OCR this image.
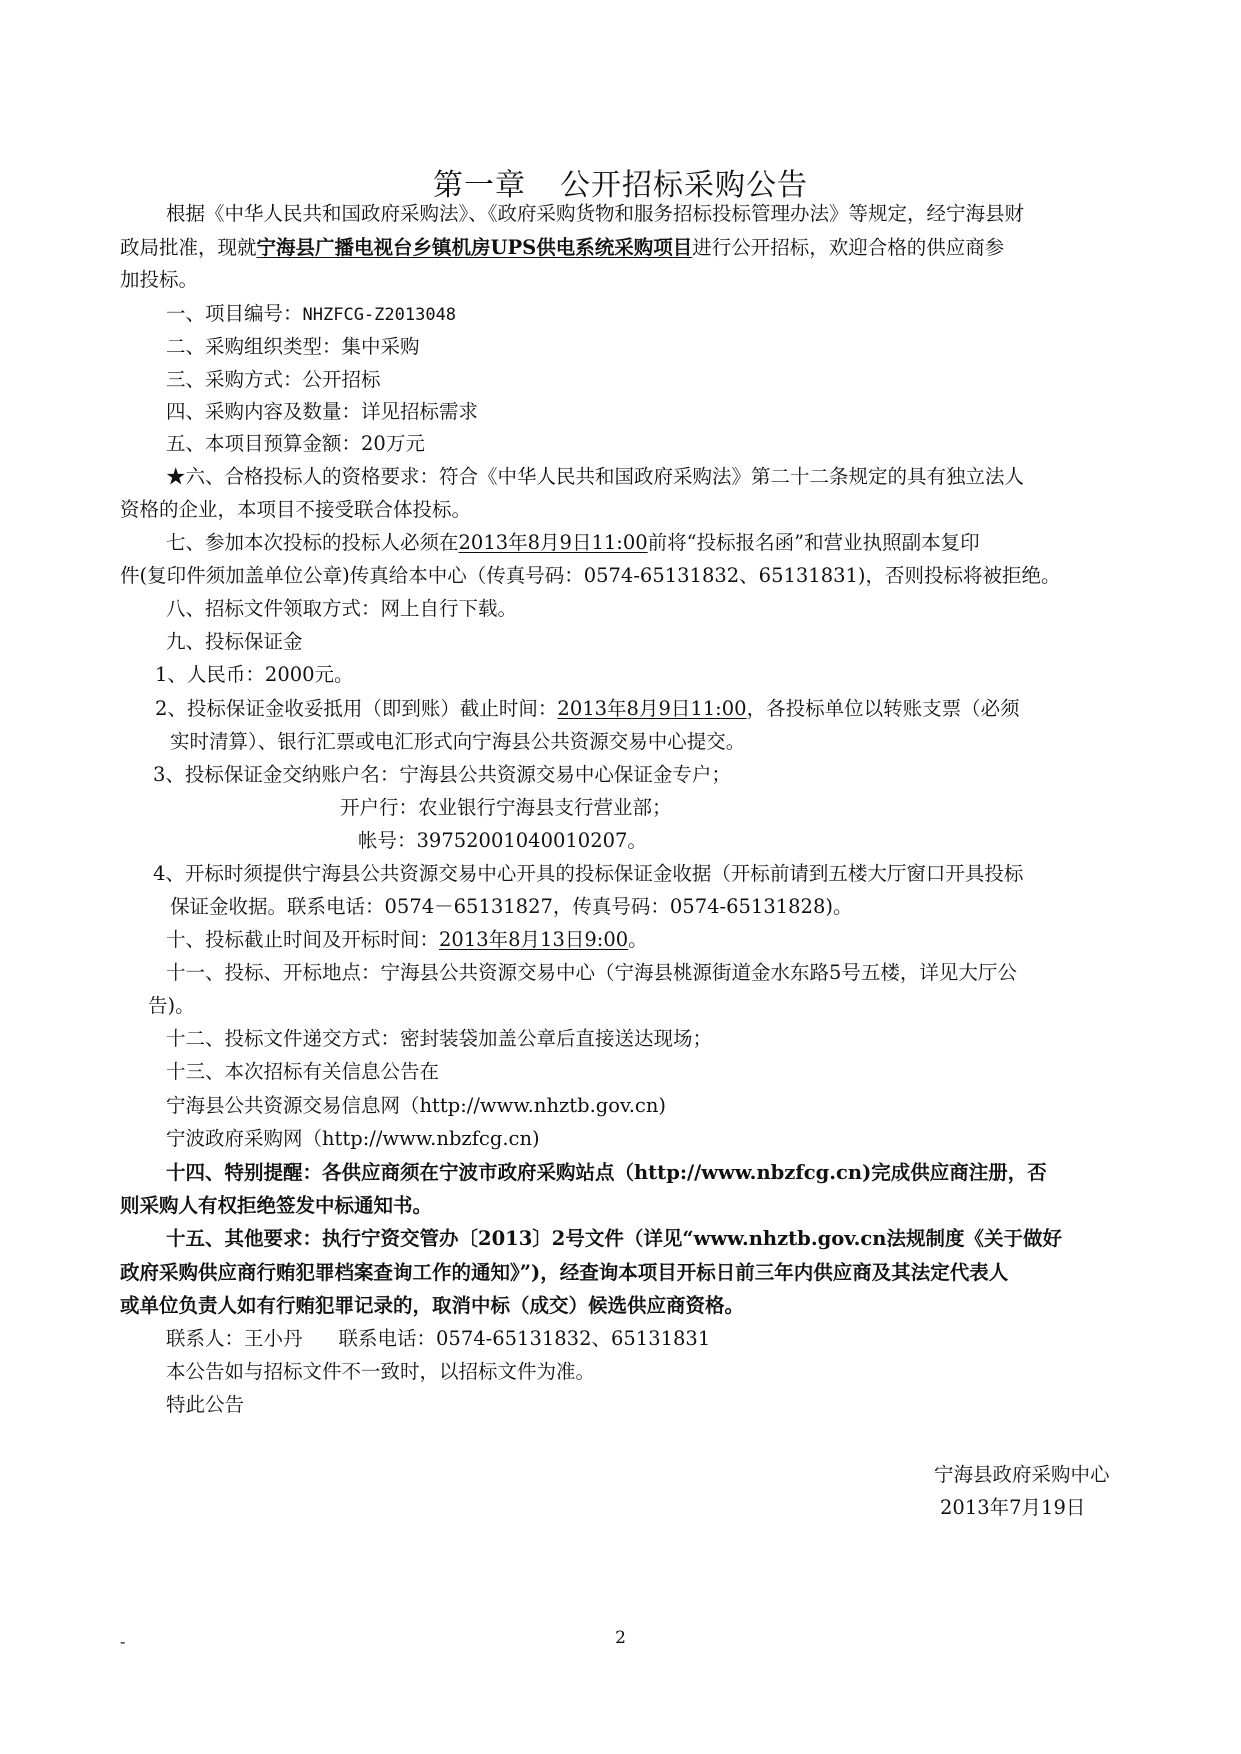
第一章 公开招标采购公告
根据《中华人民共和国政府采购法》、《政府采购货物和服务招标投标管理办法》等规定，经宁海县财
政局批准，现就宁海县广播电视台乡镇机房UPS供电系统采购项目进行公开招标，欢迎合格的供应商参
加投标。
一、项目编号：NHZFCG-Z2013048
二、采购组织类型：集中采购
三、采购方式：公开招标
四、采购内容及数量：详见招标需求
五、本项目预算金额：20万元
★六、合格投标人的资格要求：符合《中华人民共和国政府采购法》第二十二条规定的具有独立法人
资格的企业，本项目不接受联合体投标。
七、参加本次投标的投标人必须在2013年8月9日11:00前将“投标报名函”和营业执照副本复印
件(复印件须加盖单位公章)传真给本中心（传真号码：0574-65131832、65131831)，否则投标将被拒绝。
八、招标文件领取方式：网上自行下载。
九、投标保证金
1、人民币：2000元。
2、投标保证金收妥抵用（即到账）截止时间：2013年8月9日11:00，各投标单位以转账支票（必须
实时清算）、银行汇票或电汇形式向宁海县公共资源交易中心提交。
3、投标保证金交纳账户名：宁海县公共资源交易中心保证金专户；
开户行：农业银行宁海县支行营业部；
帐号：39752001040010207。
4、开标时须提供宁海县公共资源交易中心开具的投标保证金收据（开标前请到五楼大厅窗口开具投标
保证金收据。联系电话：0574－65131827，传真号码：0574-65131828)。
十、投标截止时间及开标时间：2013年8月13日9:00。
十一、投标、开标地点：宁海县公共资源交易中心（宁海县桃源街道金水东路5号五楼，详见大厅公
告)。
十二、投标文件递交方式：密封装袋加盖公章后直接送达现场；
十三、本次招标有关信息公告在
宁海县公共资源交易信息网（http://www.nhztb.gov.cn)
宁波政府采购网（http://www.nbzfcg.cn)
十四、特别提醒：各供应商须在宁波市政府采购站点（http://www.nbzfcg.cn)完成供应商注册，否
则采购人有权拒绝签发中标通知书。
十五、其他要求：执行宁资交管办〔2013〕2号文件（详见“www.nhztb.gov.cn法规制度《关于做好
政府采购供应商行贿犯罪档案查询工作的通知》”)，经查询本项目开标日前三年内供应商及其法定代表人
或单位负责人如有行贿犯罪记录的，取消中标（成交）候选供应商资格。
联系人：王小丹 联系电话：0574-65131832、65131831
本公告如与招标文件不一致时，以招标文件为准。
特此公告
宁海县政府采购中心
2013年7月19日
-	2
